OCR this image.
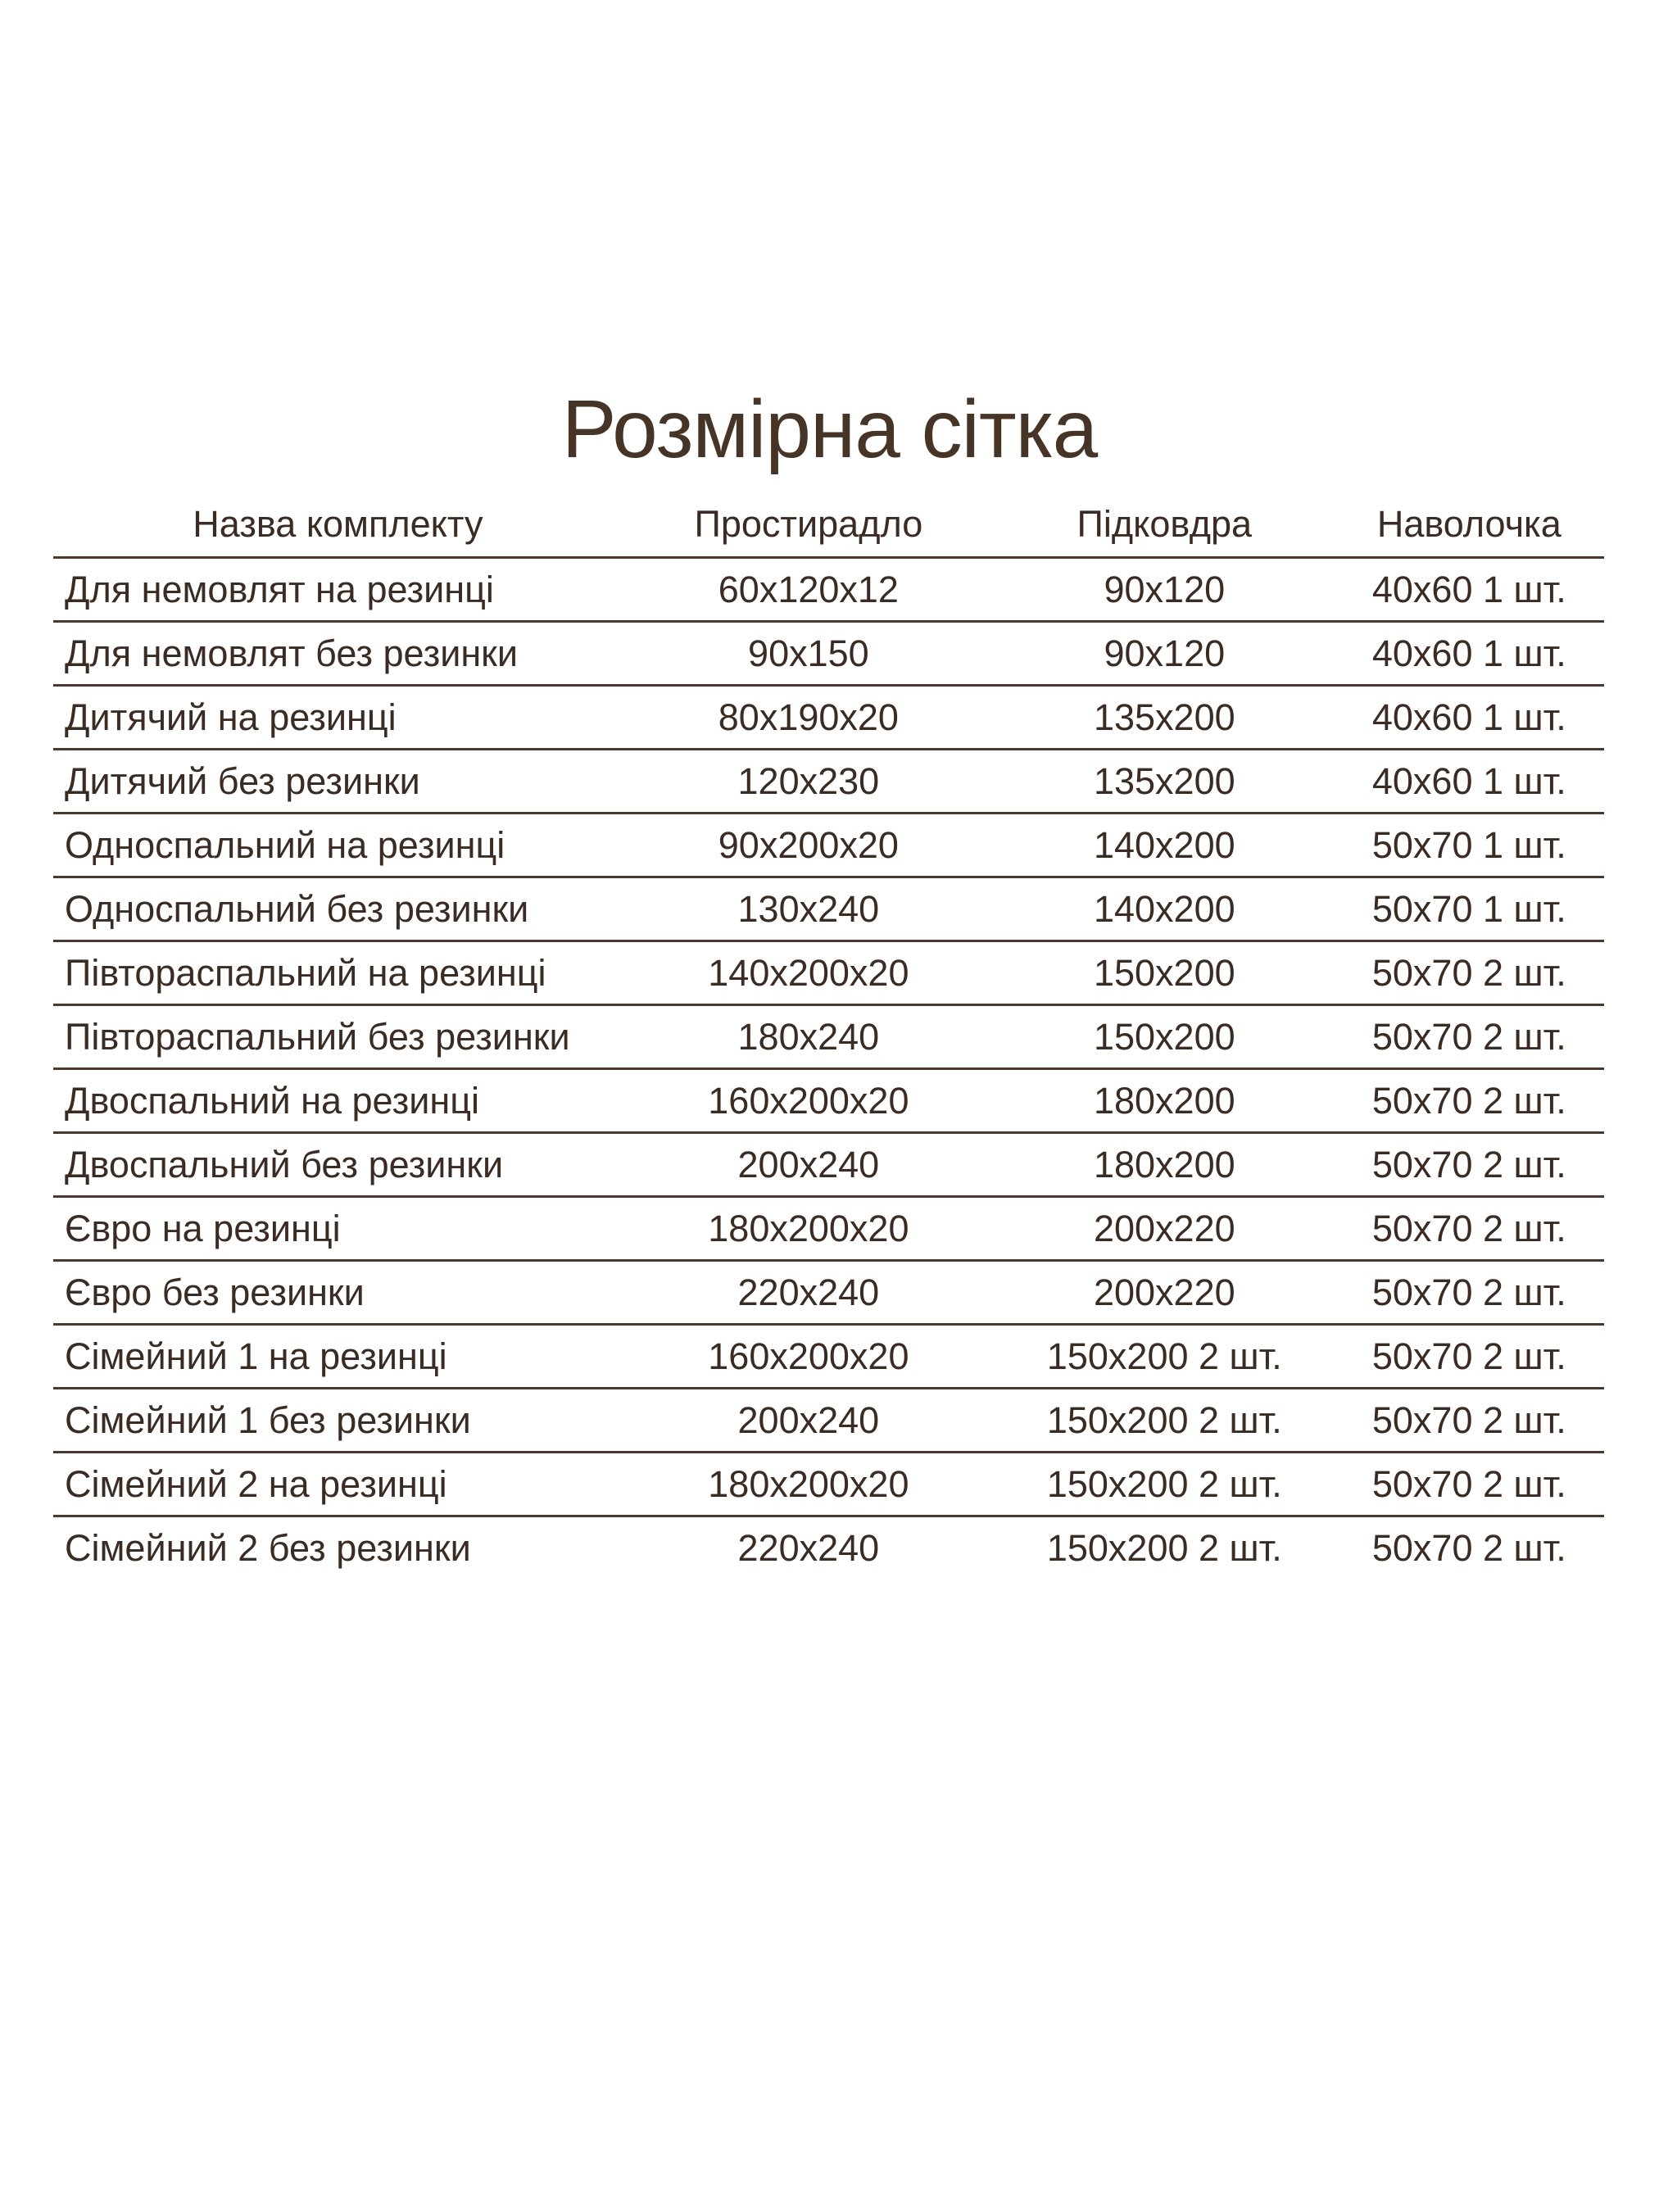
Розмірна сітка
Назва комплекту	Простирадло	Підковдра	Наволочка
Для немовлят на резинці	60х120х12	90х120	40х60 1 шт.
Для немовлят без резинки	90х150	90х120	40х60 1 шт.
Дитячий на резинці	80х190х20	135х200	40х60 1 шт.
Дитячий без резинки	120х230	135х200	40х60 1 шт.
Односпальний на резинці	90х200х20	140х200	50х70 1 шт.
Односпальний без резинки	130х240	140х200	50х70 1 шт.
Півтораспальний на резинці	140х200х20	150х200	50х70 2 шт.
Півтораспальний без резинки	180х240	150х200	50х70 2 шт.
Двоспальний на резинці	160х200х20	180х200	50х70 2 шт.
Двоспальний без резинки	200х240	180х200	50х70 2 шт.
Євро на резинці	180х200х20	200х220	50х70 2 шт.
Євро без резинки	220х240	200х220	50х70 2 шт.
Сімейний 1 на резинці	160х200х20	150х200 2 шт.	50х70 2 шт.
Сімейний 1 без резинки	200х240	150х200 2 шт.	50х70 2 шт.
Сімейний 2 на резинці	180х200х20	150х200 2 шт.	50х70 2 шт.
Сімейний 2 без резинки	220х240	150х200 2 шт.	50х70 2 шт.
